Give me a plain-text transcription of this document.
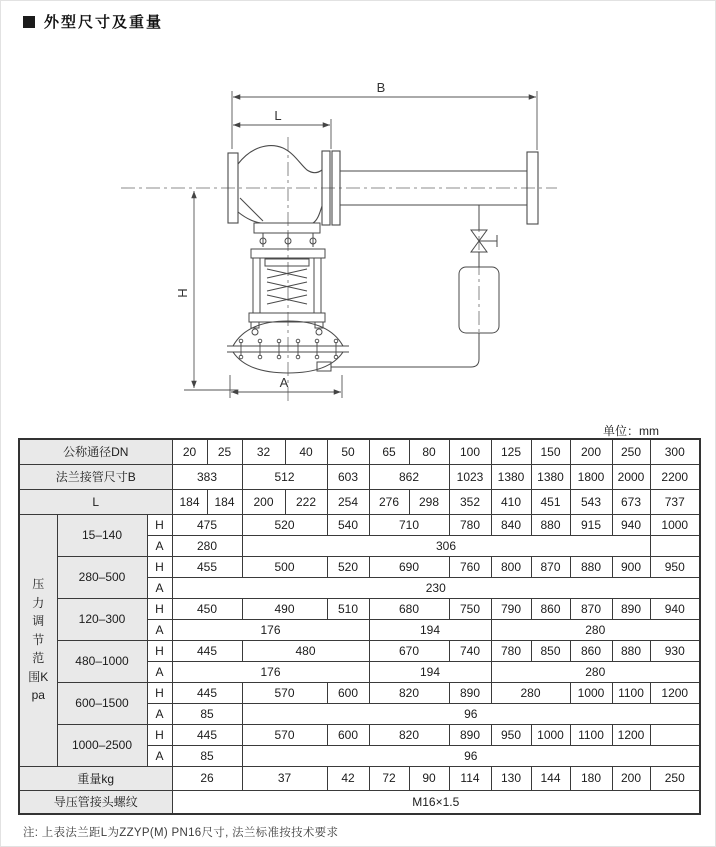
外型尺寸及重量
B
L
H
A
单位：mm
公称通径DN			20	25	32	40	50	65	80	100	125	150	200	250	300
法兰接管尺寸B			383		512		603	862		1023	1380	1380	1800	2000	2200
L			184	184	200	222	254	276	298	352	410	451	543	673	737
压力调节范围Kpa	15–140	H	475		520		540	710		780	840	880	915	940	1000
		A	280		306										
	280–500	H	455		500		520	690		760	800	870	880	900	950
		A	230												
	120–300	H	450		490		510	680		750	790	860	870	890	940
		A	176					194			280				
	480–1000	H	445		480			670		740	780	850	860	880	930
		A	176					194			280				
	600–1500	H	445		570		600	820		890	280		1000	1100	1200
		A	85		96										
	1000–2500	H	445		570		600	820		890	950	1000	1100	1200	
		A	85		96										
重量kg			26		37		42	72	90	114	130	144	180	200	250
导压管接头螺纹			M16×1.5												
注: 上表法兰距L为ZZYP(M) PN16尺寸, 法兰标准按技术要求
